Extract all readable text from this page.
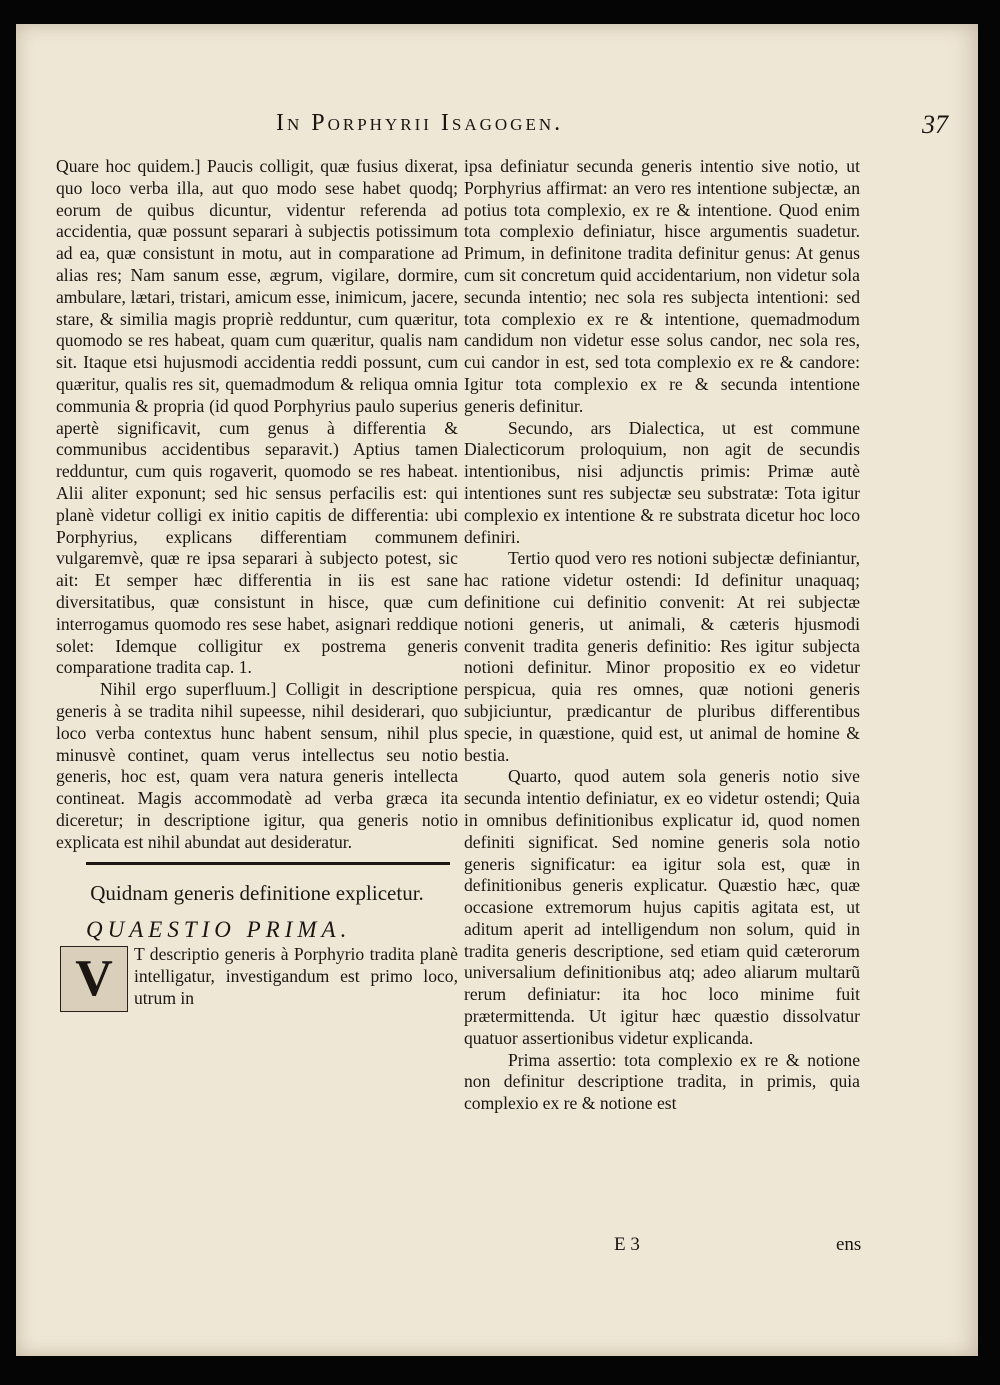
In Porphyrii Isagogen.	37

Quare hoc quidem.] Paucis colligit, quæ fusius dixerat, quo loco verba illa, aut quo modo sese habet quodq; eorum de quibus dicuntur, videntur referenda ad accidentia, quæ possunt separari à subjectis potissimum ad ea, quæ consistunt in motu, aut in comparatione ad alias res; Nam sanum esse, ægrum, vigilare, dormire, ambulare, lætari, tristari, amicum esse, inimicum, jacere, stare, & similia magis propriè redduntur, cum quæritur, quomodo se res habeat, quam cum quæritur, qualis nam sit. Itaque etsi hujusmodi accidentia reddi possunt, cum quæritur, qualis res sit, quemadmodum & reliqua omnia communia & propria (id quod Porphyrius paulo superius apertè significavit, cum genus à differentia & communibus accidentibus separavit.) Aptius tamen redduntur, cum quis rogaverit, quomodo se res habeat. Alii aliter exponunt; sed hic sensus perfacilis est: qui planè videtur colligi ex initio capitis de differentia: ubi Porphyrius, explicans differentiam communem vulgaremvè, quæ re ipsa separari à subjecto potest, sic ait: Et semper hæc differentia in iis est sane diversitatibus, quæ consistunt in hisce, quæ cum interrogamus quomodo res sese habet, asignari reddique solet: Idemque colligitur ex postrema generis comparatione tradita cap. 1.

Nihil ergo superfluum.] Colligit in descriptione generis à se tradita nihil supeesse, nihil desiderari, quo loco verba contextus hunc habent sensum, nihil plus minusvè continet, quam verus intellectus seu notio generis, hoc est, quam vera natura generis intellecta contineat. Magis accommodatè ad verba græca ita diceretur; in descriptione igitur, qua generis notio explicata est nihil abundat aut desideratur.

Quidnam generis definitione explicetur.
QUAESTIO PRIMA.
V	T descriptio generis à Porphyrio tradita planè intelligatur, investigandum est primo loco, utrum in

ipsa definiatur secunda generis intentio sive notio, ut Porphyrius affirmat: an vero res intentione subjectæ, an potius tota complexio, ex re & intentione. Quod enim tota complexio definiatur, hisce argumentis suadetur. Primum, in definitone tradita definitur genus: At genus cum sit concretum quid accidentarium, non videtur sola secunda intentio; nec sola res subjecta intentioni: sed tota complexio ex re & intentione, quemadmodum candidum non videtur esse solus candor, nec sola res, cui candor in est, sed tota complexio ex re & candore: Igitur tota complexio ex re & secunda intentione generis definitur.

Secundo, ars Dialectica, ut est commune Dialecticorum proloquium, non agit de secundis intentionibus, nisi adjunctis primis: Primæ autè intentiones sunt res subjectæ seu substratæ: Tota igitur complexio ex intentione & re substrata dicetur hoc loco definiri.

Tertio quod vero res notioni subjectæ definiantur, hac ratione videtur ostendi: Id definitur unaquaq; definitione cui definitio convenit: At rei subjectæ notioni generis, ut animali, & cæteris hjusmodi convenit tradita generis definitio: Res igitur subjecta notioni definitur. Minor propositio ex eo videtur perspicua, quia res omnes, quæ notioni generis subjiciuntur, prædicantur de pluribus differentibus specie, in quæstione, quid est, ut animal de homine & bestia.

Quarto, quod autem sola generis notio sive secunda intentio definiatur, ex eo videtur ostendi; Quia in omnibus definitionibus explicatur id, quod nomen definiti significat. Sed nomine generis sola notio generis significatur: ea igitur sola est, quæ in definitionibus generis explicatur. Quæstio hæc, quæ occasione extremorum hujus capitis agitata est, ut aditum aperit ad intelligendum non solum, quid in tradita generis descriptione, sed etiam quid cæterorum universalium definitionibus atq; adeo aliarum multarũ rerum definiatur: ita hoc loco minime fuit prætermittenda. Ut igitur hæc quæstio dissolvatur quatuor assertionibus videtur explicanda.

Prima assertio: tota complexio ex re & notione non definitur descriptione tradita, in primis, quia complexio ex re & notione est

E 3	ens
